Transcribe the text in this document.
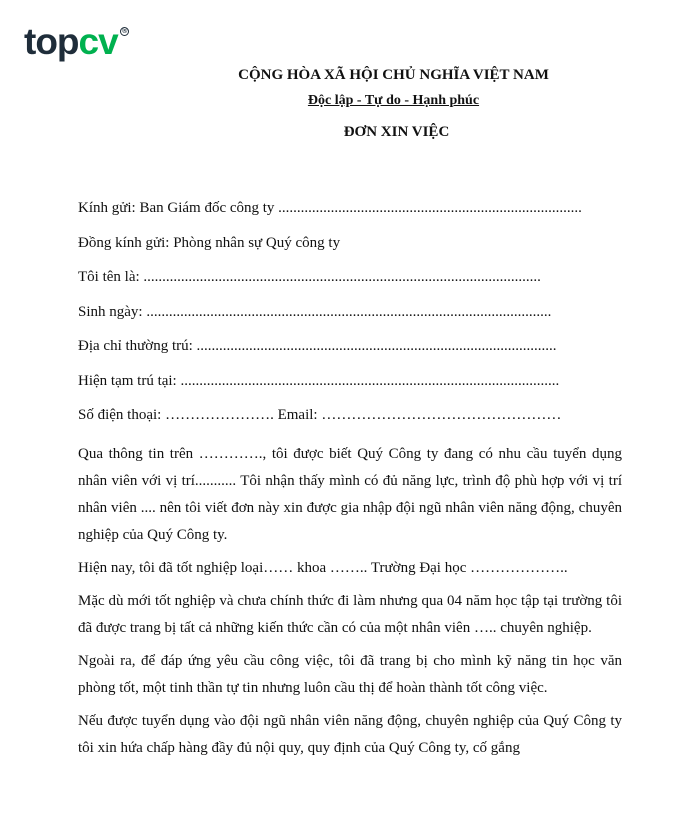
top cv ®
CỘNG HÒA XÃ HỘI CHỦ NGHĨA VIỆT NAM
Độc lập - Tự do - Hạnh phúc
ĐƠN XIN VIỆC
Kính gửi: Ban Giám đốc công ty .................................................................................
Đồng kính gửi: Phòng nhân sự Quý công ty
Tôi tên là: ..........................................................................................................
Sinh ngày: ............................................................................................................
Địa chỉ thường trú: ................................................................................................
Hiện tạm trú tại: .....................................................................................................
Số điện thoại: …………………. Email: …………………………………………
Qua thông tin trên …………., tôi được biết Quý Công ty đang có nhu cầu tuyển dụng nhân viên với vị trí........... Tôi nhận thấy mình có đủ năng lực, trình độ phù hợp với vị trí nhân viên .... nên tôi viết đơn này xin được gia nhập đội ngũ nhân viên năng động, chuyên nghiệp của Quý Công ty.
Hiện nay, tôi đã tốt nghiệp loại…… khoa …….. Trường Đại học ………………..
Mặc dù mới tốt nghiệp và chưa chính thức đi làm nhưng qua 04 năm học tập tại trường tôi đã được trang bị tất cả những kiến thức cần có của một nhân viên ….. chuyên nghiệp.
Ngoài ra, để đáp ứng yêu cầu công việc, tôi đã trang bị cho mình kỹ năng tin học văn phòng tốt, một tinh thần tự tin nhưng luôn cầu thị để hoàn thành tốt công việc.
Nếu được tuyển dụng vào đội ngũ nhân viên năng động, chuyên nghiệp của Quý Công ty tôi xin hứa chấp hàng đầy đủ nội quy, quy định của Quý Công ty, cố gắng
